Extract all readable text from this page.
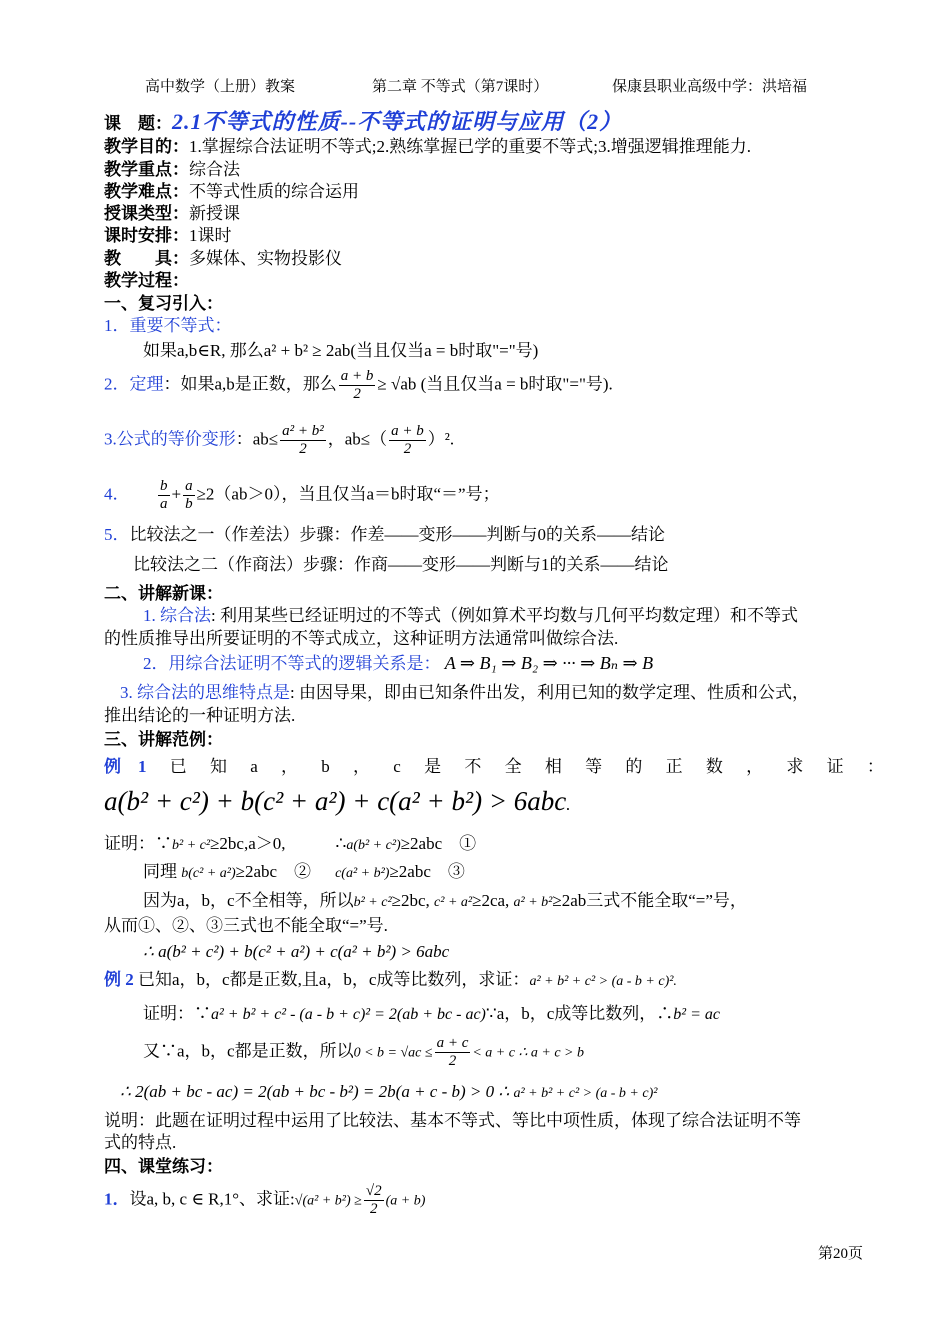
高中数学（上册）教案	第二章 不等式（第7课时）	保康县职业高级中学：洪培福
课　题：2.1不等式的性质--不等式的证明与应用（2）
教学目的：1.掌握综合法证明不等式;2.熟练掌握已学的重要不等式;3.增强逻辑推理能力.
教学重点：综合法
教学难点：不等式性质的综合运用
授课类型：新授课
课时安排：1课时
教　　具：多媒体、实物投影仪
教学过程：
一、复习引入：
1．重要不等式：
如果a,b∈R, 那么a² + b² ≥ 2ab(当且仅当a = b时取"="号)
2．定理：如果a,b是正数，那么 $\frac{a + b}{2} \ge √ab$ (当且仅当a = b时取"="号).
3.公式的等价变形：$ab\le \frac{\text{a² + b²}}{2}$ ，$ab\le( \frac{a + b}{2} )^2$.
4． $\frac{b}{a} + \frac{a}{b} \ge 2(ab>0)$，当且仅当a＝b时取“＝”号；
5．比较法之一（作差法）步骤：作差——变形——判断与0的关系——结论
比较法之二（作商法）步骤：作商——变形——判断与1的关系——结论
二、讲解新课：
1. 综合法: 利用某些已经证明过的不等式（例如算术平均数与几何平均数定理）和不等式
的性质推导出所要证明的不等式成立，这种证明方法通常叫做综合法.
2．用综合法证明不等式的逻辑关系是： A ⇒ B₁ ⇒ B₂ ⇒ ··· ⇒ Bₙ ⇒ B
3. 综合法的思维特点是: 由因导果，即由已知条件出发，利用已知的数学定理、性质和公式，
推出结论的一种证明方法.
三、讲解范例：
例　1 已 知 a ， b ， c 是 不 全 相 等 的 正 数 ， 求 证 ：
a(b² + c²) + b(c² + a²) + c(a² + b²) > 6abc.
证明：∵b² + c²≥2bc,a＞0,	∴a(b² + c²)≥2abc　①
同理 b(c² + a²)≥2abc　② c(a² + b²)≥2abc　③
因为a，b，c不全相等，所以b² + c²≥2bc, c² + a²≥2ca, a² + b²≥2ab三式不能全取“=”号，
从而①、②、③三式也不能全取“=”号.
∴ a(b² + c²) + b(c² + a²) + c(a² + b²) > 6abc
例 2 已知a，b，c都是正数,且a，b，c成等比数列，求证：a² + b² + c² > (a - b + c)².
证明：∵a² + b² + c² - (a - b + c)² = 2(ab + bc - ac)∵a，b，c成等比数列，∴b² = ac
又∵a，b，c都是正数，所以$0 < b = √ac \le \frac{a + c}{2} < a + c$ ∴ a + c > b
∴ 2(ab + bc - ac) = 2(ab + bc - b²) = 2b(a + c - b) > 0 ∴ a² + b² + c² > (a - b + c)²
说明：此题在证明过程中运用了比较法、基本不等式、等比中项性质，体现了综合法证明不等
式的特点.
四、课堂练习：
1．设a, b, c ∈ R,1°、求证:√(a² + $b^2) \ge \frac{√2}{2} (a + b)$
第20页
